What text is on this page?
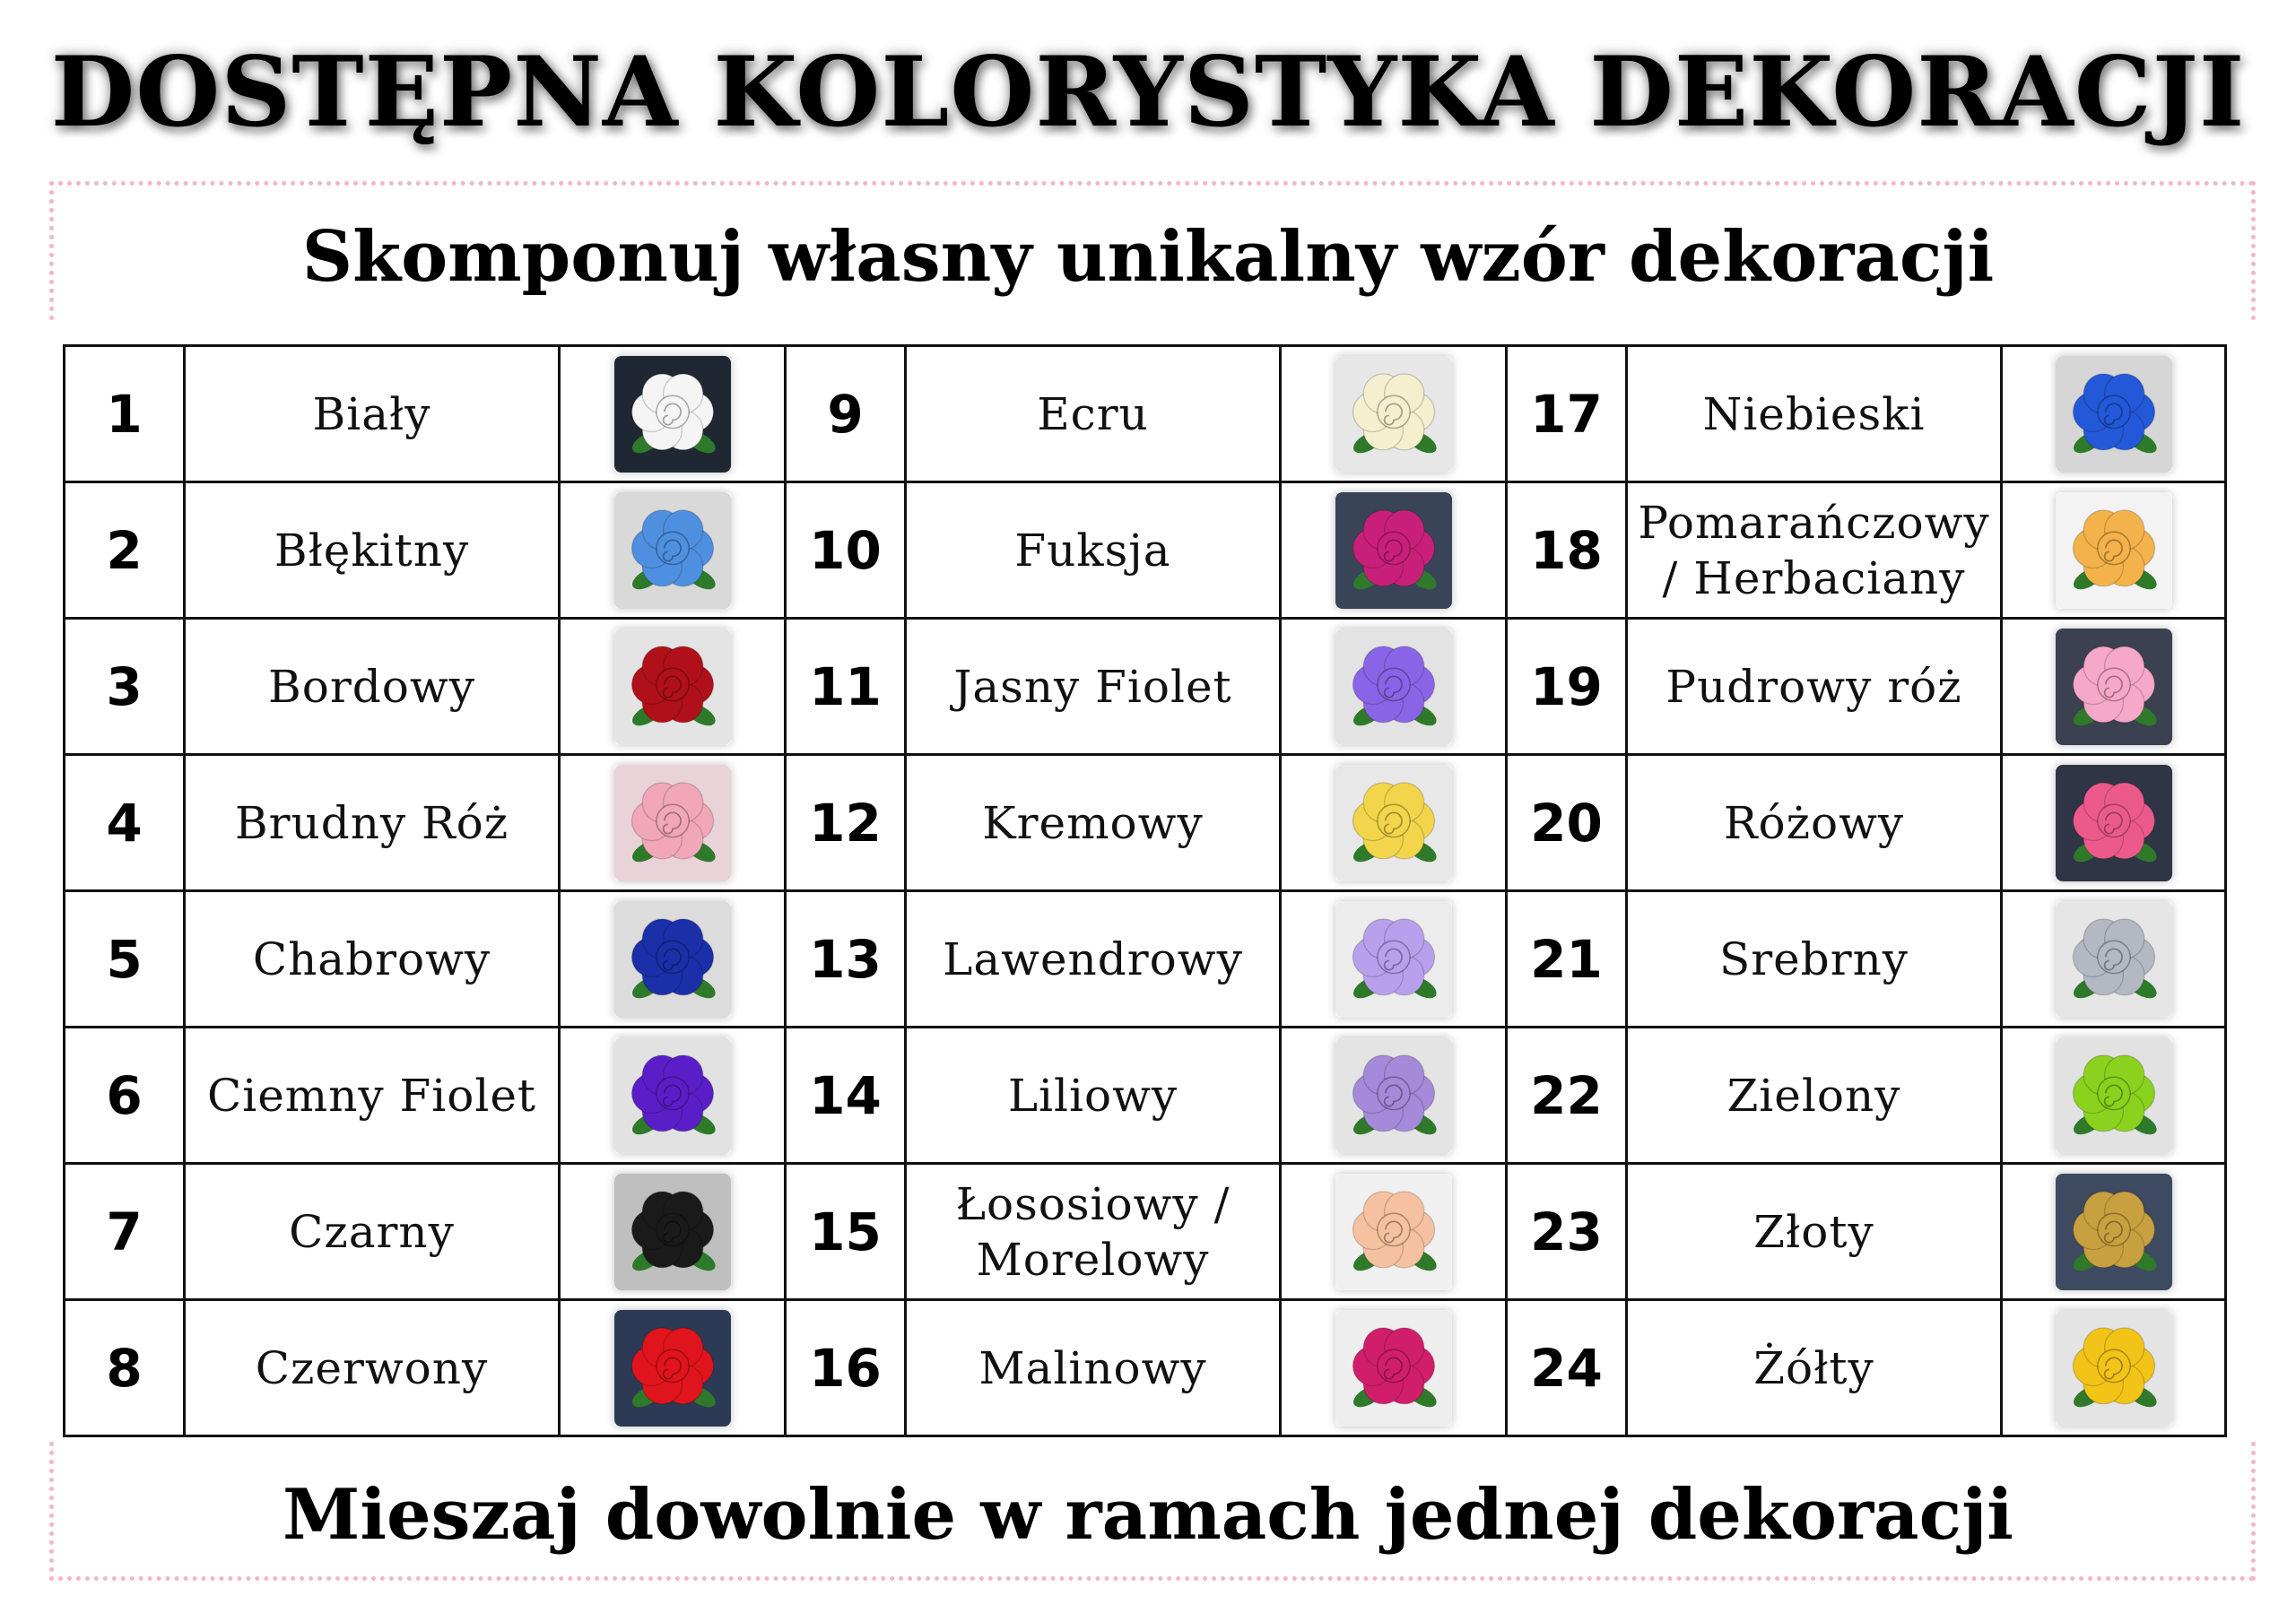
DOSTĘPNA KOLORYSTYKA DEKORACJI
Skomponuj własny unikalny wzór dekoracji
1	Biały		9	Ecru		17	Niebieski	

2	Błękitny		10	Fuksja		18	Pomarańczowy / Herbaciany	

3	Bordowy		11	Jasny Fiolet		19	Pudrowy róż	

4	Brudny Róż		12	Kremowy		20	Różowy	

5	Chabrowy		13	Lawendrowy		21	Srebrny	

6	Ciemny Fiolet		14	Liliowy		22	Zielony	

7	Czarny		15	Łososiowy / Morelowy		23	Złoty	

8	Czerwony		16	Malinowy		24	Żółty	
Mieszaj dowolnie w ramach jednej dekoracji
